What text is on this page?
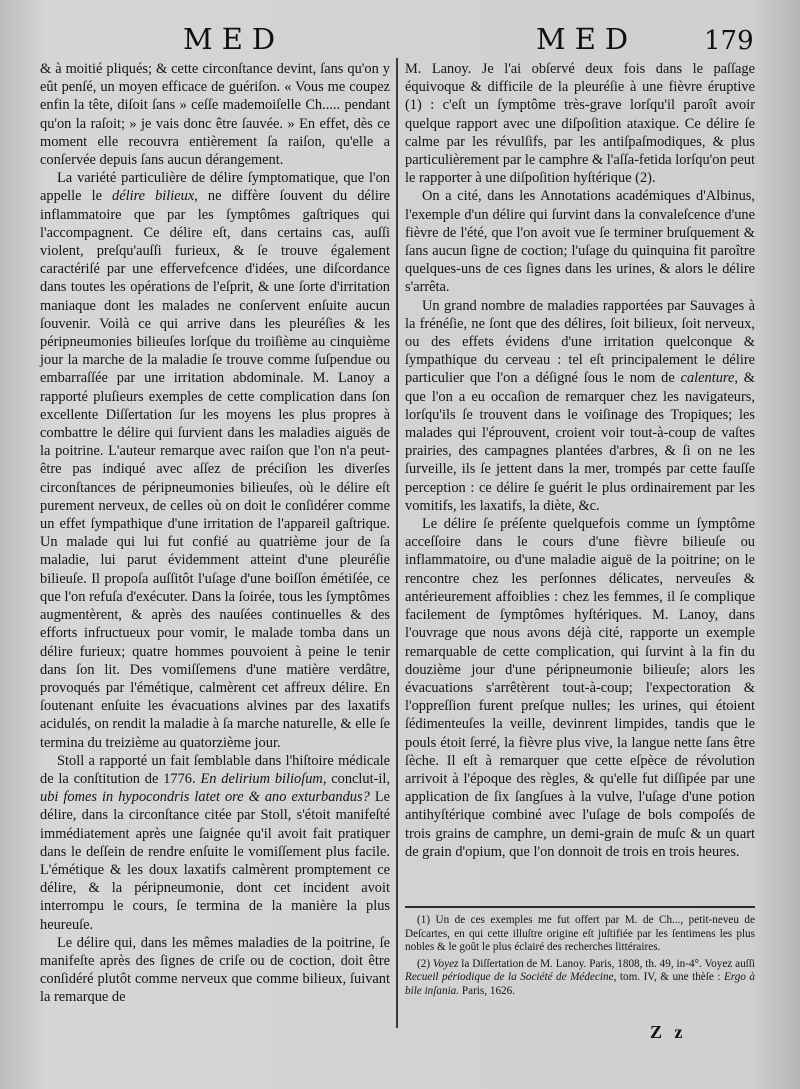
MED	MED	179

& à moitié pliqués; & cette circonſtance devint, ſans qu'on y eût penſé, un moyen efficace de guériſon. « Vous me coupez enfin la tête, diſoit ſans » ceſſe mademoiſelle Ch..... pendant qu'on la raſoit; » je vais donc être ſauvée. » En effet, dès ce moment elle recouvra entièrement ſa raiſon, qu'elle a conſervée depuis ſans aucun dérangement.

La variété particulière de délire ſymptomatique, que l'on appelle le délire bilieux, ne diffère ſouvent du délire inflammatoire que par les ſymptômes gaſtriques qui l'accompagnent. Ce délire eſt, dans certains cas, auſſi violent, preſqu'auſſi furieux, & ſe trouve également caractériſé par une effervefcence d'idées, une diſcordance dans toutes les opérations de l'eſprit, & une ſorte d'irritation maniaque dont les malades ne conſervent enſuite aucun ſouvenir. Voilà ce qui arrive dans les pleuréſies & les péripneumonies bilieuſes lorſque du troiſième au cinquième jour la marche de la maladie ſe trouve comme ſuſpendue ou embarraſſée par une irritation abdominale. M. Lanoy a rapporté pluſieurs exemples de cette complication dans ſon excellente Diſſertation ſur les moyens les plus propres à combattre le délire qui ſurvient dans les maladies aiguës de la poitrine. L'auteur remarque avec raiſon que l'on n'a peut-être pas indiqué avec aſſez de préciſion les diverſes circonſtances de péripneumonies bilieuſes, où le délire eſt purement nerveux, de celles où on doit le conſidérer comme un effet ſympathique d'une irritation de l'appareil gaſtrique. Un malade qui lui fut confié au quatrième jour de ſa maladie, lui parut évidemment atteint d'une pleuréſie bilieuſe. Il propoſa auſſitôt l'uſage d'une boiſſon émétiſée, ce que l'on refuſa d'exécuter. Dans la ſoirée, tous les ſymptômes augmentèrent, & après des nauſées continuelles & des efforts infructueux pour vomir, le malade tomba dans un délire furieux; quatre hommes pouvoient à peine le tenir dans ſon lit. Des vomiſſemens d'une matière verdâtre, provoqués par l'émétique, calmèrent cet affreux délire. En ſoutenant enſuite les évacuations alvines par des laxatifs acidulés, on rendit la maladie à ſa marche naturelle, & elle ſe termina du treizième au quatorzième jour.

Stoll a rapporté un fait ſemblable dans l'hiſtoire médicale de la conſtitution de 1776. En delirium bilioſum, conclut-il, ubi fomes in hypocondris latet ore & ano exturbandus? Le délire, dans la circonſtance citée par Stoll, s'étoit manifeſté immédiatement après une ſaignée qu'il avoit fait pratiquer dans le deſſein de rendre enſuite le vomiſſement plus facile. L'émétique & les doux laxatifs calmèrent promptement ce délire, & la péripneumonie, dont cet incident avoit interrompu le cours, ſe termina de la manière la plus heureuſe.

Le délire qui, dans les mêmes maladies de la poitrine, ſe manifeſte après des ſignes de criſe ou de coction, doit être conſidéré plutôt comme nerveux que comme bilieux, ſuivant la remarque de

M. Lanoy. Je l'ai obſervé deux fois dans le paſſage équivoque & difficile de la pleuréſie à une fièvre éruptive (1) : c'eſt un ſymptôme très-grave lorſqu'il paroît avoir quelque rapport avec une diſpoſition ataxique. Ce délire ſe calme par les révulſifs, par les antiſpaſmodiques, & plus particulièrement par le camphre & l'aſſa-fetida lorſqu'on peut le rapporter à une diſpoſition hyſtérique (2).

On a cité, dans les Annotations académiques d'Albinus, l'exemple d'un délire qui ſurvint dans la convaleſcence d'une fièvre de l'été, que l'on avoit vue ſe terminer bruſquement & ſans aucun ſigne de coction; l'uſage du quinquina fit paroître quelques-uns de ces ſignes dans les urines, & alors le délire s'arrêta.

Un grand nombre de maladies rapportées par Sauvages à la frénéſie, ne ſont que des délires, ſoit bilieux, ſoit nerveux, ou des effets évidens d'une irritation quelconque & ſympathique du cerveau : tel eſt principalement le délire particulier que l'on a déſigné ſous le nom de calenture, & que l'on a eu occaſion de remarquer chez les navigateurs, lorſqu'ils ſe trouvent dans le voiſinage des Tropiques; les malades qui l'éprouvent, croient voir tout-à-coup de vaſtes prairies, des campagnes plantées d'arbres, & ſi on ne les ſurveille, ils ſe jettent dans la mer, trompés par cette fauſſe perception : ce délire ſe guérit le plus ordinairement par les vomitifs, les laxatifs, la diète, &c.

Le délire ſe préſente quelquefois comme un ſymptôme acceſſoire dans le cours d'une fièvre bilieuſe ou inflammatoire, ou d'une maladie aiguë de la poitrine; on le rencontre chez les perſonnes délicates, nerveuſes & antérieurement affoiblies : chez les femmes, il ſe complique facilement de ſymptômes hyſtériques. M. Lanoy, dans l'ouvrage que nous avons déjà cité, rapporte un exemple remarquable de cette complication, qui ſurvint à la fin du douzième jour d'une péripneumonie bilieuſe; alors les évacuations s'arrêtèrent tout-à-coup; l'expectoration & l'oppreſſion furent preſque nulles; les urines, qui étoient ſédimenteuſes la veille, devinrent limpides, tandis que le pouls étoit ſerré, la fièvre plus vive, la langue nette ſans être ſèche. Il eſt à remarquer que cette eſpèce de révolution arrivoit à l'époque des règles, & qu'elle fut diſſipée par une application de ſix ſangſues à la vulve, l'uſage d'une potion antihyſtérique combiné avec l'uſage de bols compoſés de trois grains de camphre, un demi-grain de muſc & un quart de grain d'opium, que l'on donnoit de trois en trois heures.

(1) Un de ces exemples me fut offert par M. de Ch..., petit-neveu de Deſcartes, en qui cette illuſtre origine eſt juſtifiée par les ſentimens les plus nobles & le goût le plus éclairé des recherches littéraires.

(2) Voyez la Diſſertation de M. Lanoy. Paris, 1808, th. 49, in-4°. Voyez auſſi Recueil périodique de la Société de Médecine, tom. IV, & une thèſe : Ergo à bile inſania. Paris, 1626.

Z z
